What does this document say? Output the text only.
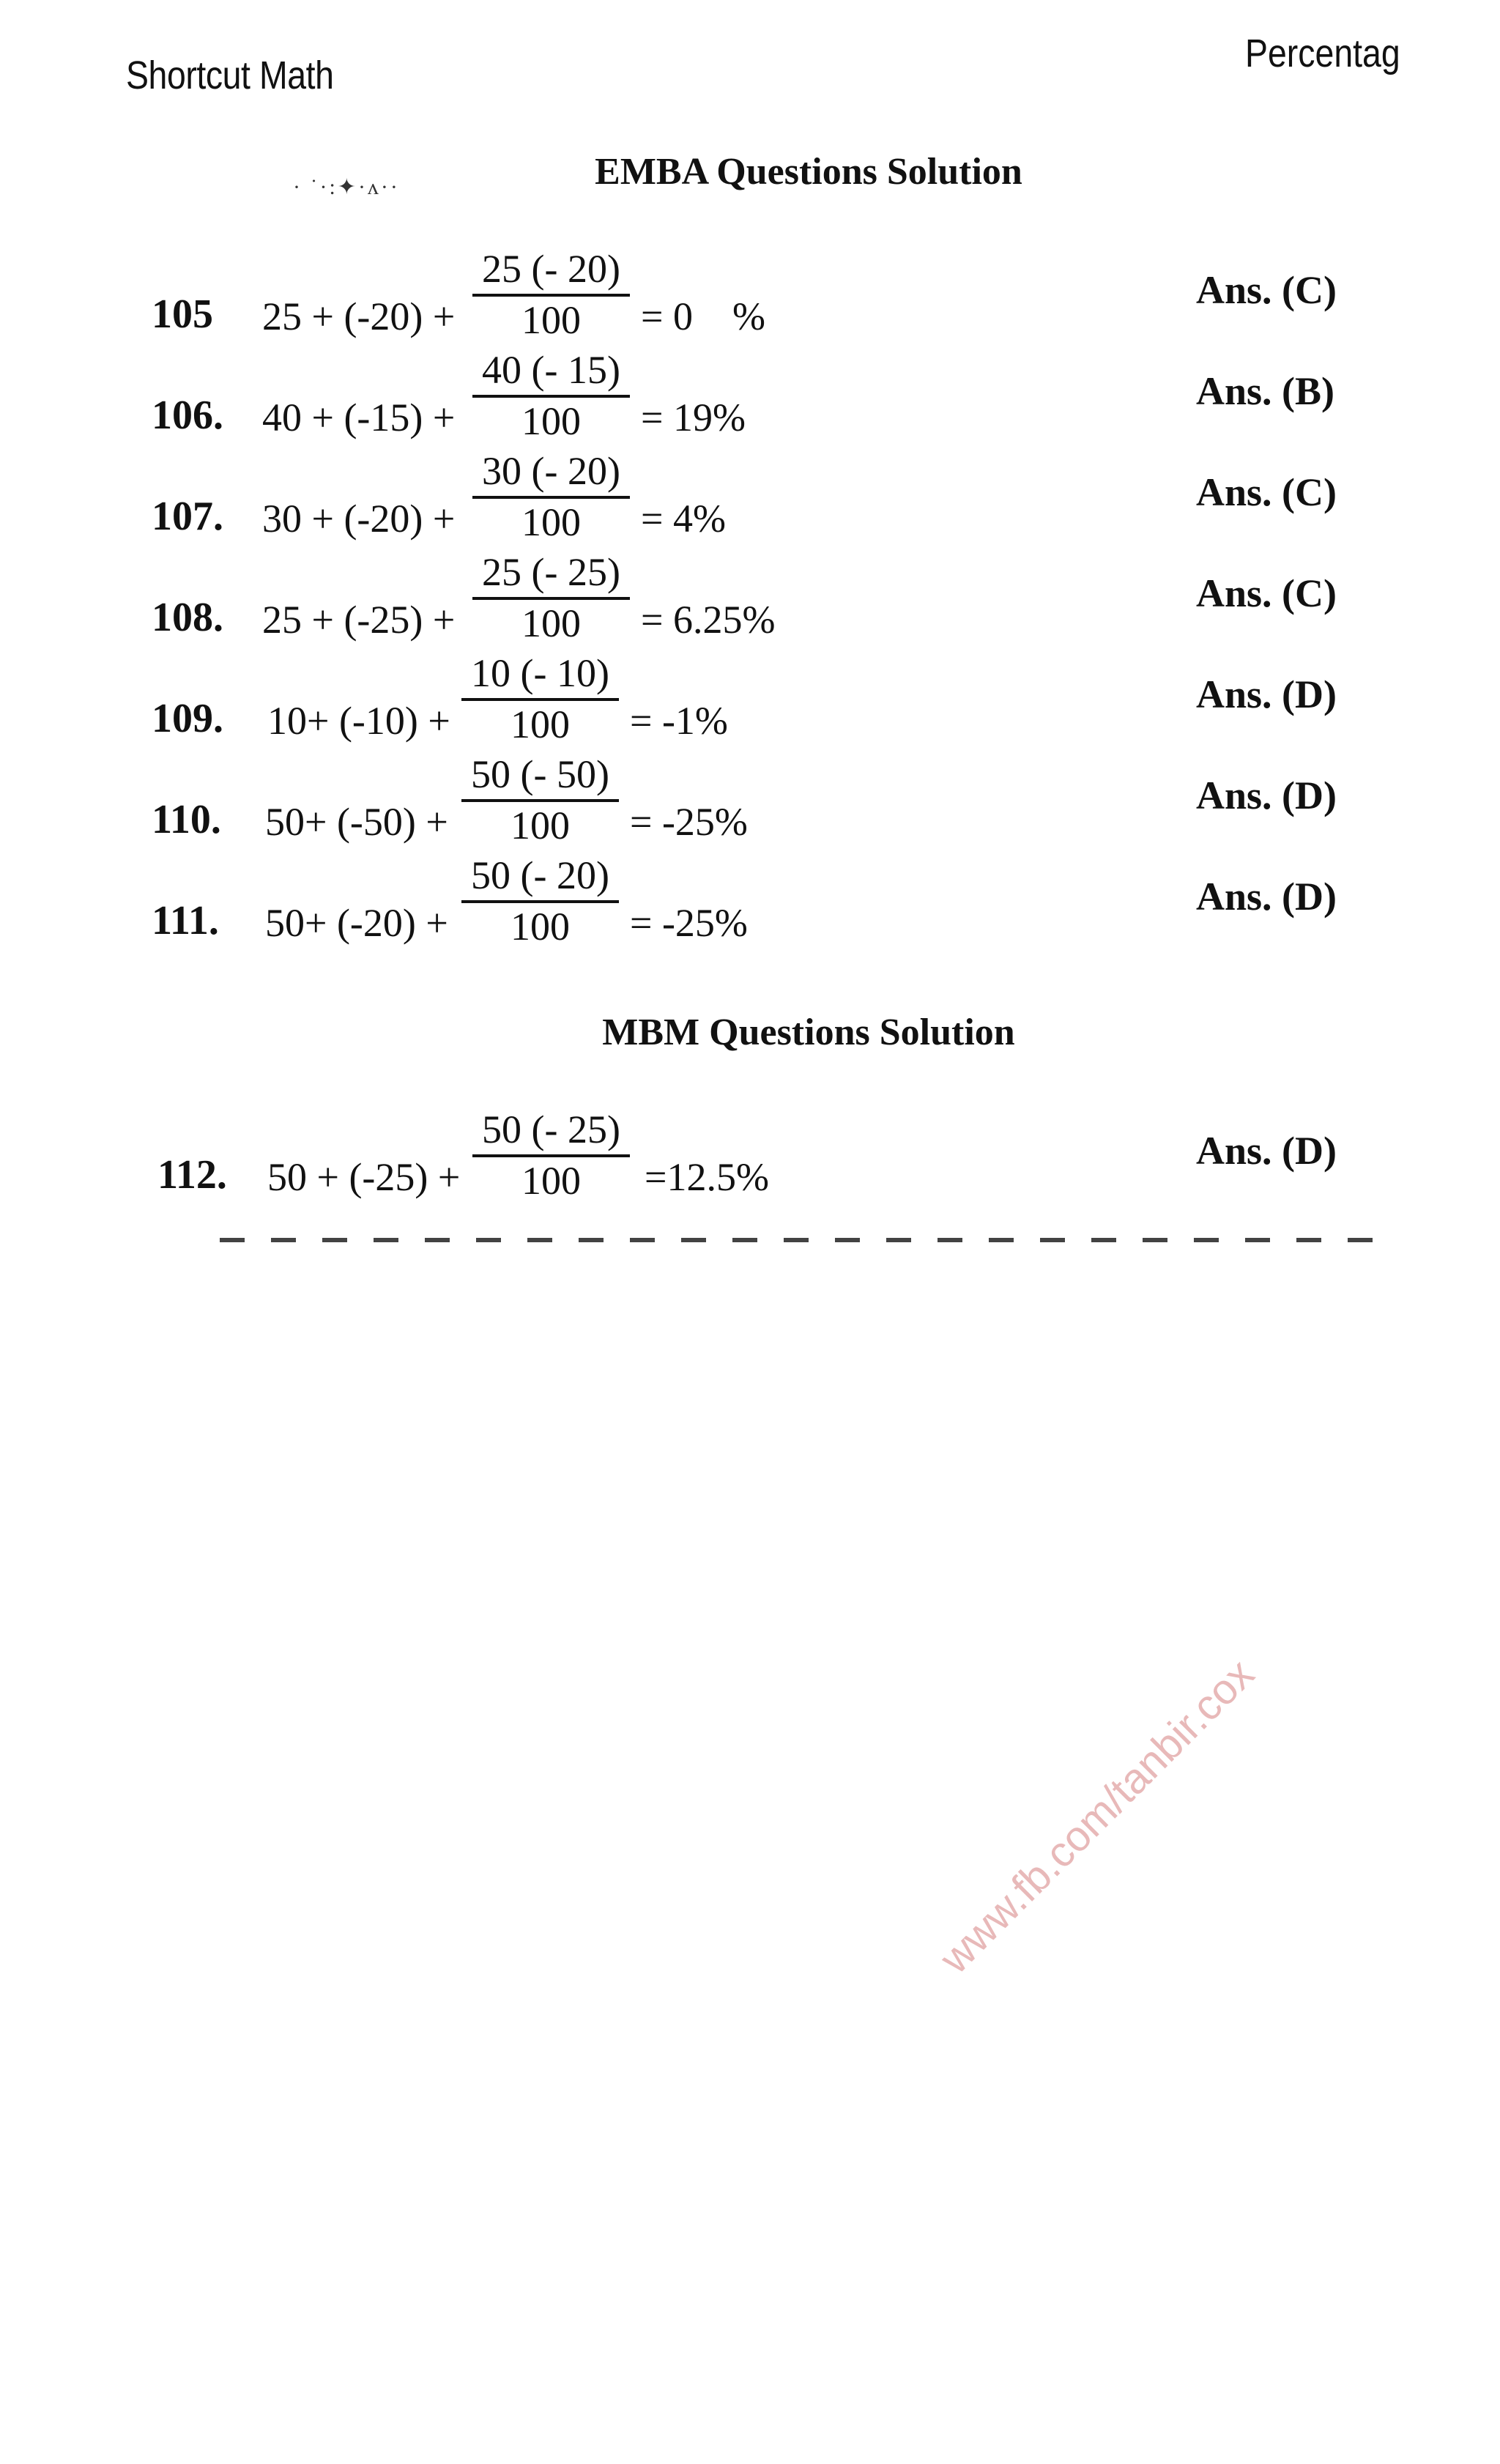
Shortcut Math	Percentag
· ˙·:✦·ʌ··	EMBA Questions Solution
105 $25 + (-20) + \frac{25 (- 20)}{100} = 0$    %
Ans. (C)
106. $40 + (-15) + \frac{40 (- 15)}{100} = 19\%$
Ans. (B)
107. $30 + (-20) + \frac{30 (- 20)}{100} = 4\%$
Ans. (C)
108. $25 + (-25) + \frac{25 (- 25)}{100} = 6.25\%$
Ans. (C)
109. $10+ (-10) + \frac{10 (- 10)}{100} = -1\%$
Ans. (D)
110. $50+ (-50) + \frac{50 (- 50)}{100} = -25\%$
Ans. (D)
111. $50+ (-20) + \frac{50 (- 20)}{100} = -25\%$
Ans. (D)
MBM Questions Solution
112. $50 + (-25) + \frac{50 (- 25)}{100} =12.5\%$
Ans. (D)
www.fb.com/tanbir.cox
